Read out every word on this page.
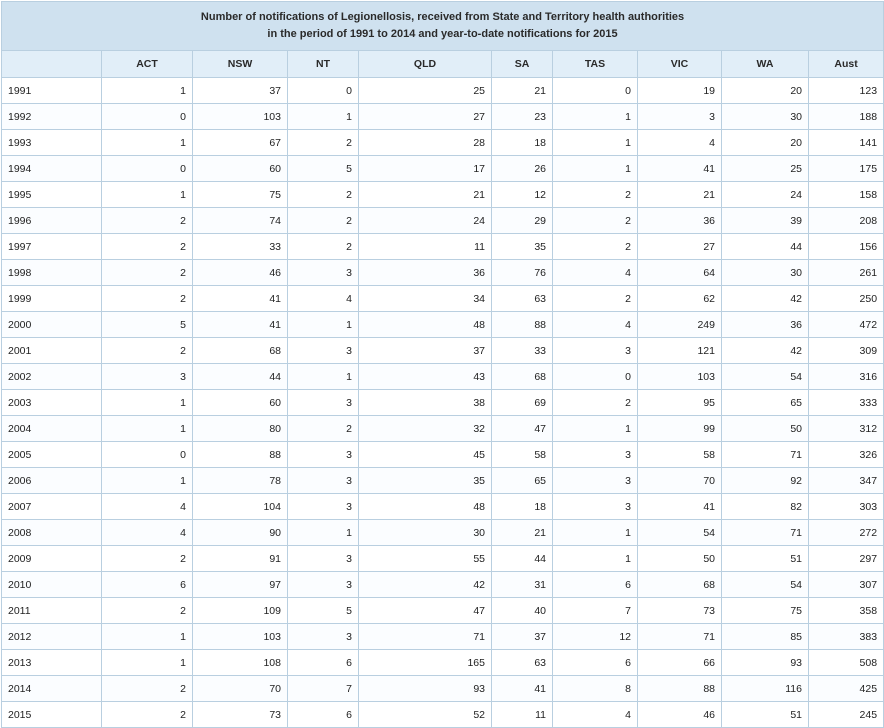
Number of notifications of Legionellosis, received from State and Territory health authorities
in the period of 1991 to 2014 and year-to-date notifications for 2015									

	ACT	NSW	NT	QLD	SA	TAS	VIC	WA	Aust
1991	1	37	0	25	21	0	19	20	123
1992	0	103	1	27	23	1	3	30	188
1993	1	67	2	28	18	1	4	20	141
1994	0	60	5	17	26	1	41	25	175
1995	1	75	2	21	12	2	21	24	158
1996	2	74	2	24	29	2	36	39	208
1997	2	33	2	11	35	2	27	44	156
1998	2	46	3	36	76	4	64	30	261
1999	2	41	4	34	63	2	62	42	250
2000	5	41	1	48	88	4	249	36	472
2001	2	68	3	37	33	3	121	42	309
2002	3	44	1	43	68	0	103	54	316
2003	1	60	3	38	69	2	95	65	333
2004	1	80	2	32	47	1	99	50	312
2005	0	88	3	45	58	3	58	71	326
2006	1	78	3	35	65	3	70	92	347
2007	4	104	3	48	18	3	41	82	303
2008	4	90	1	30	21	1	54	71	272
2009	2	91	3	55	44	1	50	51	297
2010	6	97	3	42	31	6	68	54	307
2011	2	109	5	47	40	7	73	75	358
2012	1	103	3	71	37	12	71	85	383
2013	1	108	6	165	63	6	66	93	508
2014	2	70	7	93	41	8	88	116	425
2015	2	73	6	52	11	4	46	51	245
